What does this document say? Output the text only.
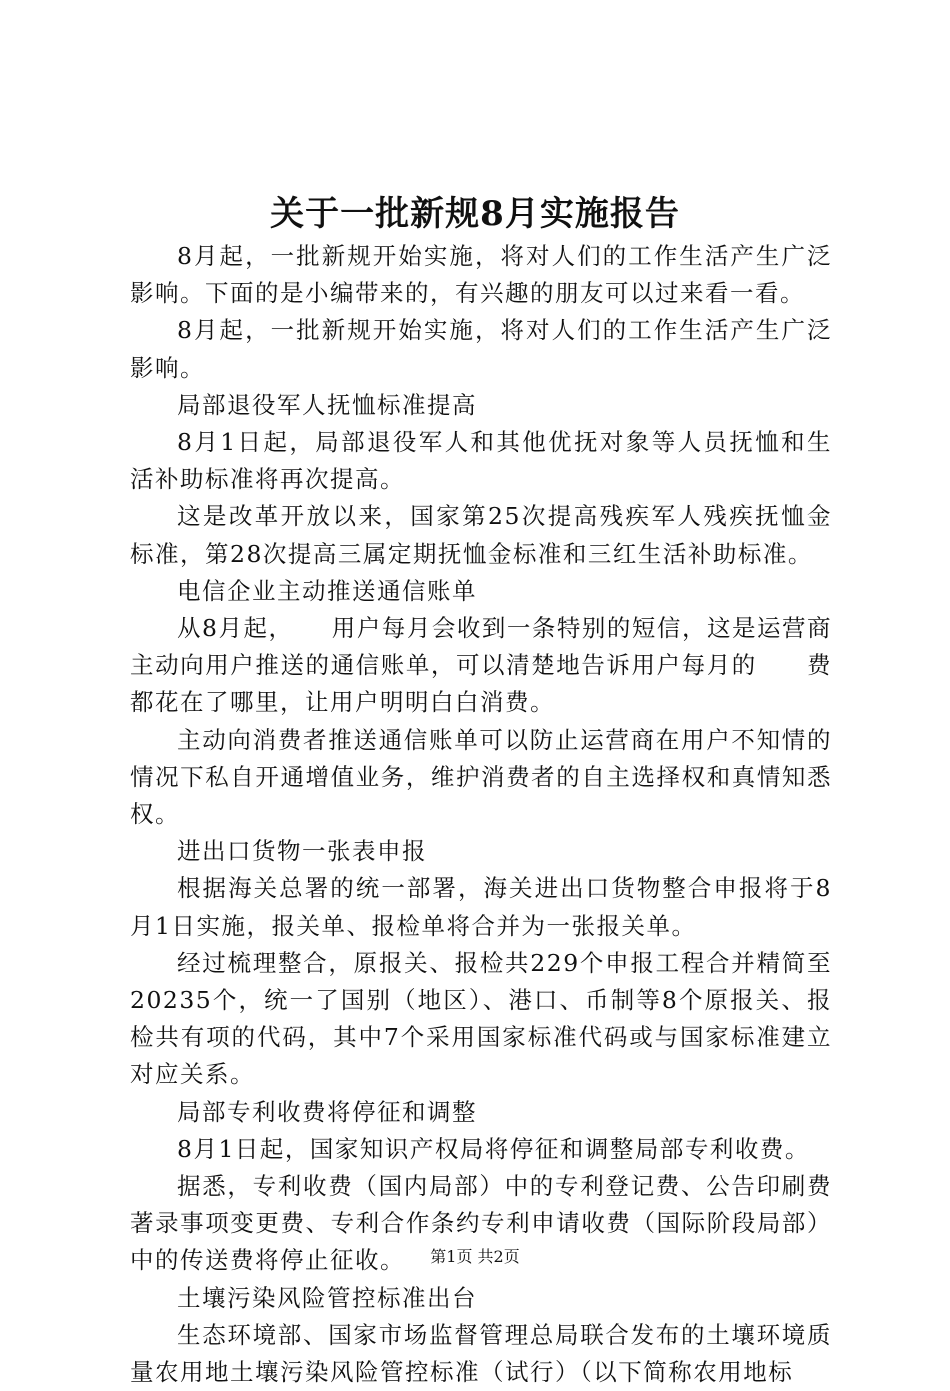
关于一批新规8月实施报告

8月起，一批新规开始实施，将对人们的工作生活产生广泛影响。下面的是小编带来的，有兴趣的朋友可以过来看一看。

8月起，一批新规开始实施，将对人们的工作生活产生广泛影响。

局部退役军人抚恤标准提高

8月1日起，局部退役军人和其他优抚对象等人员抚恤和生活补助标准将再次提高。

这是改革开放以来，国家第25次提高残疾军人残疾抚恤金标准，第28次提高三属定期抚恤金标准和三红生活补助标准。

电信企业主动推送通信账单

从8月起，　　用户每月会收到一条特别的短信，这是运营商主动向用户推送的通信账单，可以清楚地告诉用户每月的　　费都花在了哪里，让用户明明白白消费。

主动向消费者推送通信账单可以防止运营商在用户不知情的情况下私自开通增值业务，维护消费者的自主选择权和真情知悉权。

进出口货物一张表申报

根据海关总署的统一部署，海关进出口货物整合申报将于8月1日实施，报关单、报检单将合并为一张报关单。

经过梳理整合，原报关、报检共229个申报工程合并精简至20235个，统一了国别（地区）、港口、币制等8个原报关、报检共有项的代码，其中7个采用国家标准代码或与国家标准建立对应关系。

局部专利收费将停征和调整

8月1日起，国家知识产权局将停征和调整局部专利收费。

据悉，专利收费（国内局部）中的专利登记费、公告印刷费著录事项变更费、专利合作条约专利申请收费（国际阶段局部）中的传送费将停止征收。

土壤污染风险管控标准出台

生态环境部、国家市场监督管理总局联合发布的土壤环境质量农用地土壤污染风险管控标准（试行）（以下简称农用地标

第1页 共2页
